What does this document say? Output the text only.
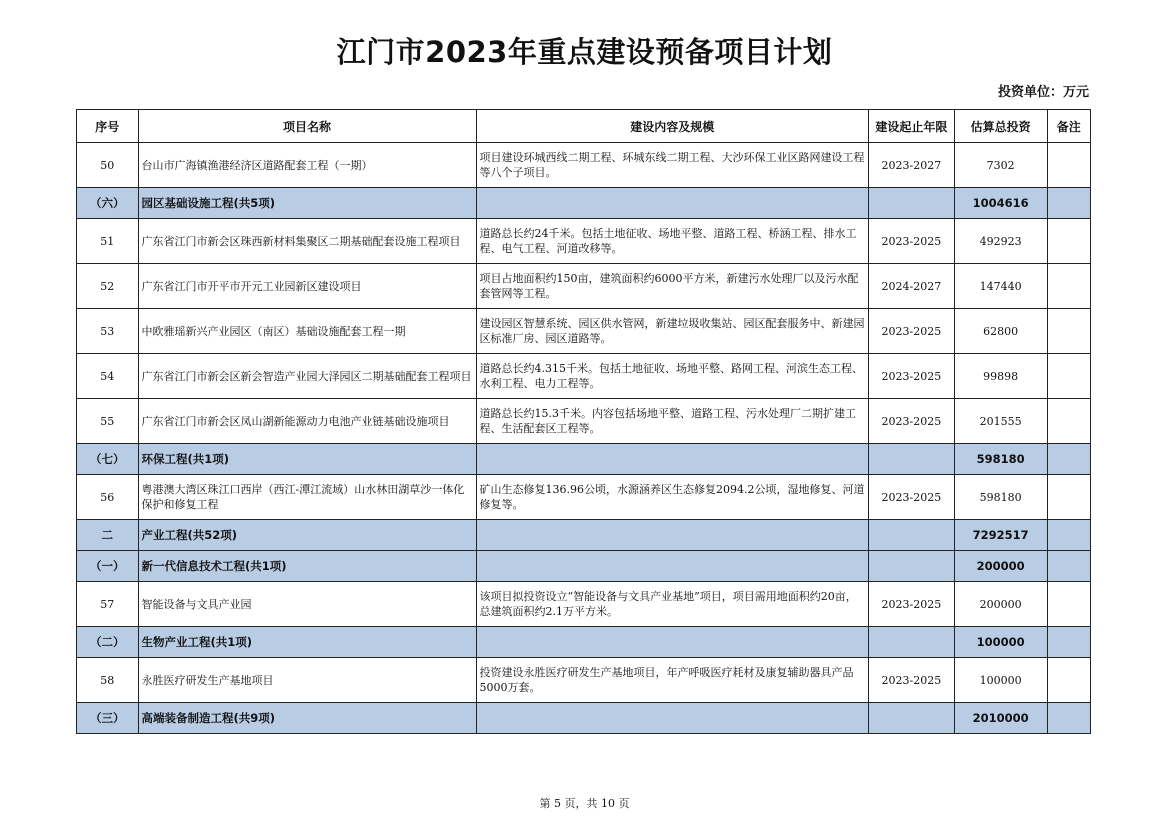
江门市2023年重点建设预备项目计划
投资单位：万元
序号	项目名称	建设内容及规模	建设起止年限	估算总投资	备注
50	台山市广海镇渔港经济区道路配套工程（一期）	项目建设环城西线二期工程、环城东线二期工程、大沙环保工业区路网建设工程等八个子项目。	2023-2027	7302	
（六）	园区基础设施工程(共5项)			1004616	
51	广东省江门市新会区珠西新材料集聚区二期基础配套设施工程项目	道路总长约24千米。包括土地征收、场地平整、道路工程、桥涵工程、排水工程、电气工程、河道改移等。	2023-2025	492923	
52	广东省江门市开平市开元工业园新区建设项目	项目占地面积约150亩，建筑面积约6000平方米，新建污水处理厂以及污水配套管网等工程。	2024-2027	147440	
53	中欧雅瑶新兴产业园区（南区）基础设施配套工程一期	建设园区智慧系统、园区供水管网，新建垃圾收集站、园区配套服务中、新建园区标准厂房、园区道路等。	2023-2025	62800	
54	广东省江门市新会区新会智造产业园大泽园区二期基础配套工程项目	道路总长约4.315千米。包括土地征收、场地平整、路网工程、河滨生态工程、水利工程、电力工程等。	2023-2025	99898	
55	广东省江门市新会区凤山湖新能源动力电池产业链基础设施项目	道路总长约15.3千米。内容包括场地平整、道路工程、污水处理厂二期扩建工程、生活配套区工程等。	2023-2025	201555	
（七）	环保工程(共1项)			598180	
56	粤港澳大湾区珠江口西岸（西江-潭江流域）山水林田湖草沙一体化保护和修复工程	矿山生态修复136.96公顷，水源涵养区生态修复2094.2公顷，湿地修复、河道修复等。	2023-2025	598180	
二	产业工程(共52项)			7292517	
（一）	新一代信息技术工程(共1项)			200000	
57	智能设备与文具产业园	该项目拟投资设立“智能设备与文具产业基地”项目，项目需用地面积约20亩，总建筑面积约2.1万平方米。	2023-2025	200000	
（二）	生物产业工程(共1项)			100000	
58	永胜医疗研发生产基地项目	投资建设永胜医疗研发生产基地项目，年产呼吸医疗耗材及康复辅助器具产品5000万套。	2023-2025	100000	
（三）	高端装备制造工程(共9项)			2010000	
第 5 页，共 10 页
